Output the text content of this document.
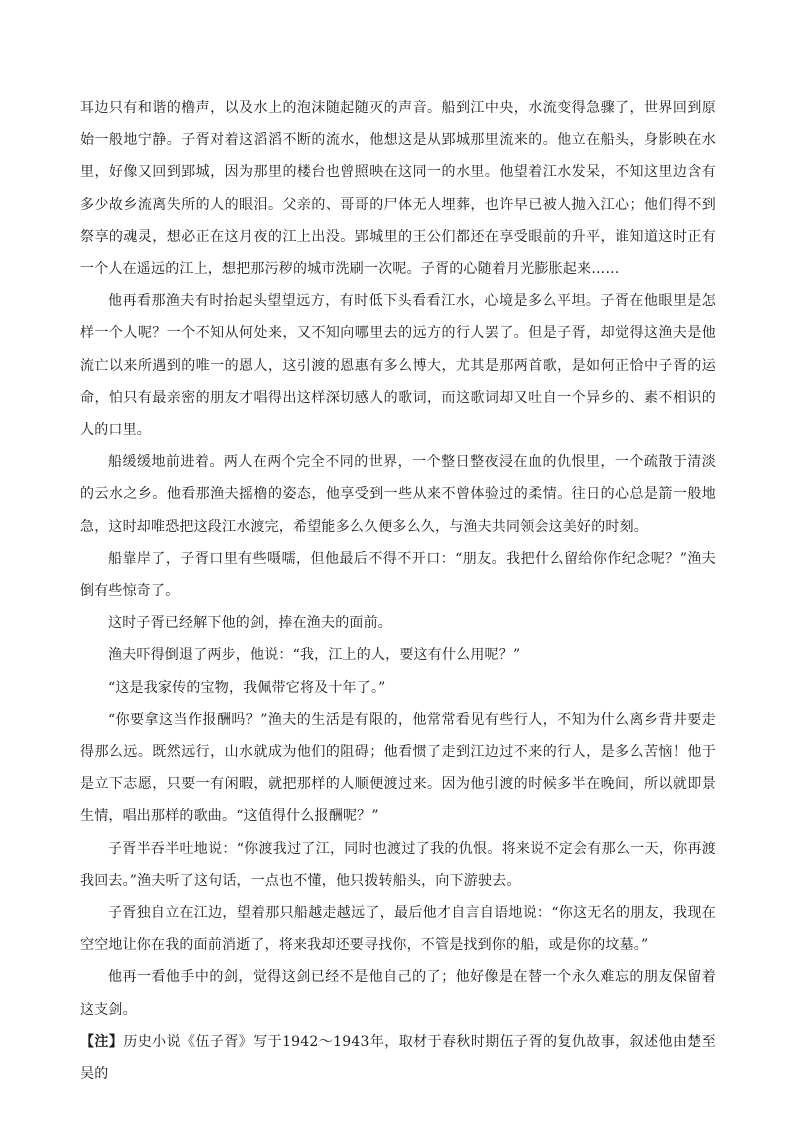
耳边只有和谐的橹声，以及水上的泡沫随起随灭的声音。船到江中央，水流变得急骤了，世界回到原始一般地宁静。子胥对着这滔滔不断的流水，他想这是从郢城那里流来的。他立在船头，身影映在水里，好像又回到郢城，因为那里的楼台也曾照映在这同一的水里。他望着江水发呆，不知这里边含有多少故乡流离失所的人的眼泪。父亲的、哥哥的尸体无人埋葬，也许早已被人抛入江心；他们得不到祭享的魂灵，想必正在这月夜的江上出没。郢城里的王公们都还在享受眼前的升平，谁知道这时正有一个人在遥远的江上，想把那污秽的城市洗刷一次呢。子胥的心随着月光膨胀起来……

他再看那渔夫有时抬起头望望远方，有时低下头看看江水，心境是多么平坦。子胥在他眼里是怎样一个人呢？一个不知从何处来，又不知向哪里去的远方的行人罢了。但是子胥，却觉得这渔夫是他流亡以来所遇到的唯一的恩人，这引渡的恩惠有多么博大，尤其是那两首歌，是如何正恰中子胥的运命，怕只有最亲密的朋友才唱得出这样深切感人的歌词，而这歌词却又吐自一个异乡的、素不相识的人的口里。

船缓缓地前进着。两人在两个完全不同的世界，一个整日整夜浸在血的仇恨里，一个疏散于清淡的云水之乡。他看那渔夫摇橹的姿态，他享受到一些从来不曾体验过的柔情。往日的心总是箭一般地急，这时却唯恐把这段江水渡完，希望能多么久便多么久，与渔夫共同领会这美好的时刻。

船靠岸了，子胥口里有些嗫嚅，但他最后不得不开口：“朋友。我把什么留给你作纪念呢？”渔夫倒有些惊奇了。

这时子胥已经解下他的剑，捧在渔夫的面前。

渔夫吓得倒退了两步，他说：“我，江上的人，要这有什么用呢？”

“这是我家传的宝物，我佩带它将及十年了。”

“你要拿这当作报酬吗？”渔夫的生活是有限的，他常常看见有些行人，不知为什么离乡背井要走得那么远。既然远行，山水就成为他们的阻碍；他看惯了走到江边过不来的行人，是多么苦恼！他于是立下志愿，只要一有闲暇，就把那样的人顺便渡过来。因为他引渡的时候多半在晚间，所以就即景生情，唱出那样的歌曲。“这值得什么报酬呢？”

子胥半吞半吐地说：“你渡我过了江，同时也渡过了我的仇恨。将来说不定会有那么一天，你再渡我回去。”渔夫听了这句话，一点也不懂，他只拨转船头，向下游驶去。

子胥独自立在江边，望着那只船越走越远了，最后他才自言自语地说：“你这无名的朋友，我现在空空地让你在我的面前消逝了，将来我却还要寻找你，不管是找到你的船，或是你的坟墓。”

他再一看他手中的剑，觉得这剑已经不是他自己的了；他好像是在替一个永久难忘的朋友保留着这支剑。

【注】历史小说《伍子胥》写于1942～1943年，取材于春秋时期伍子胥的复仇故事，叙述他由楚至吴的
